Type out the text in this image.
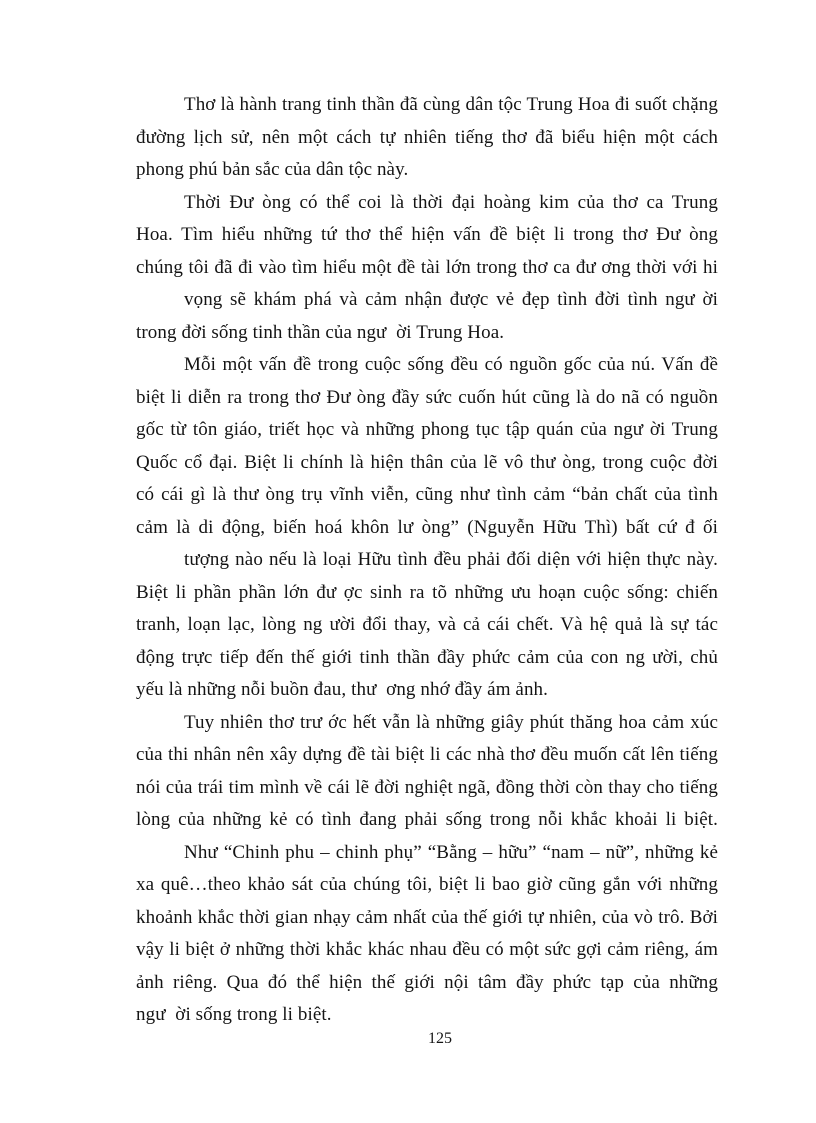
Thơ là hành trang tinh thần đã cùng dân tộc Trung Hoa đi suốt chặng
đường lịch sử, nên một cách tự nhiên tiếng thơ đã biểu hiện một cách
phong phú bản sắc của dân tộc này.
Thời Đư òng có thể coi là thời đại hoàng kim của thơ ca Trung
Hoa. Tìm hiểu những tứ thơ thể hiện vấn đề biệt li trong thơ Đư òng
chúng tôi đã đi vào tìm hiểu một đề tài lớn trong thơ ca đư ơng thời với hi
vọng sẽ khám phá và cảm nhận được vẻ đẹp tình đời tình ngư ời
trong đời sống tinh thần của ngư  ời Trung Hoa.
Mỗi một vấn đề trong cuộc sống đều có nguồn gốc của nú. Vấn đề
biệt li diễn ra trong thơ Đư òng đầy sức cuốn hút cũng là do nã có nguồn
gốc từ tôn giáo, triết học và những phong tục tập quán của ngư ời Trung
Quốc cổ đại. Biệt li chính là hiện thân của lẽ vô thư òng, trong cuộc đời
có cái gì là thư òng trụ vĩnh viễn, cũng như tình cảm “bản chất của tình
cảm là di động, biến hoá khôn lư òng” (Nguyễn Hữu Thì) bất cứ đ ối
tượng nào nếu là loại Hữu tình đều phải đối diện với hiện thực này.
Biệt li phần phần lớn đư ợc sinh ra tõ những ưu hoạn cuộc sống: chiến
tranh, loạn lạc, lòng ng ười đổi thay, và cả cái chết. Và hệ quả là sự tác
động trực tiếp đến thế giới tinh thần đầy phức cảm của con ng ười, chủ
yếu là những nỗi buồn đau, thư  ơng nhớ đầy ám ảnh.
Tuy nhiên thơ trư ớc hết vẫn là những giây phút thăng hoa cảm xúc
của thi nhân nên xây dựng đề tài biệt li các nhà thơ đều muốn cất lên tiếng
nói của trái tim mình về cái lẽ đời nghiệt ngã, đồng thời còn thay cho tiếng
lòng của những kẻ có tình đang phải sống trong nỗi khắc khoải li biệt.
Như “Chinh phu – chinh phụ” “Bằng – hữu” “nam – nữ”, những kẻ
xa quê…theo khảo sát của chúng tôi, biệt li bao giờ cũng gắn với những
khoảnh khắc thời gian nhạy cảm nhất của thế giới tự nhiên, của vò trô. Bởi
vậy li biệt ở những thời khắc khác nhau đều có một sức gợi cảm riêng, ám
ảnh riêng. Qua đó thể hiện thế giới nội tâm đầy phức tạp của những
ngư  ời sống trong li biệt.
125
